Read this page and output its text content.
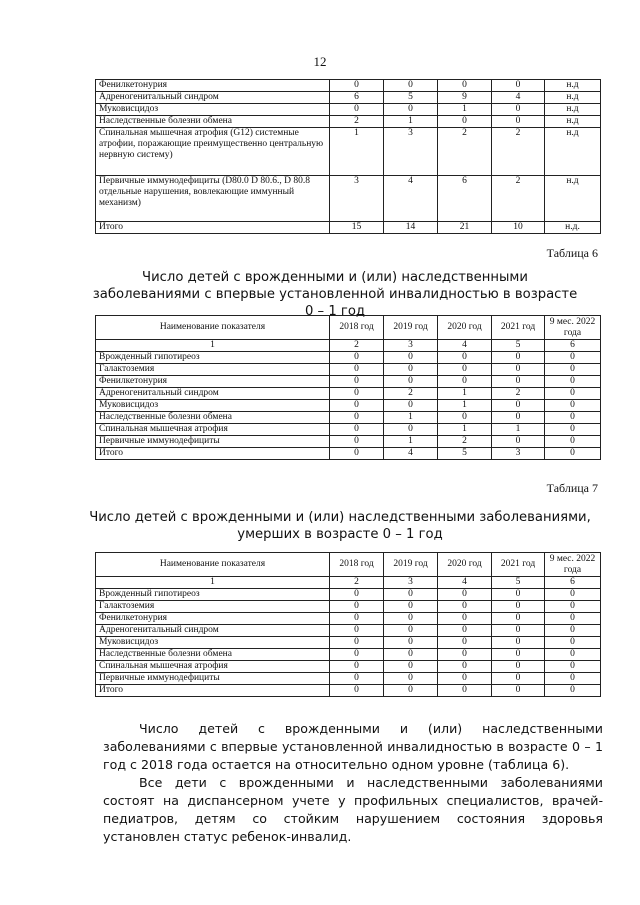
12
Фенилкетонурия	0	0	0	0	н.д
Адреногенитальный синдром	6	5	9	4	н.д
Муковисцидоз	0	0	1	0	н.д
Наследственные болезни обмена	2	1	0	0	н.д
Спинальная мышечная атрофия (G12) системные атрофии, поражающие преимущественно центральную нервную систему)	1	3	2	2	н.д
Первичные иммунодефициты (D80.0 D 80.6., D 80.8 отдельные нарушения, вовлекающие иммунный механизм)	3	4	6	2	н.д
Итого	15	14	21	10	н.д.
Таблица 6
Число детей с врожденными и (или) наследственными заболеваниями с впервые установленной инвалидностью в возрасте 0 – 1 год
Наименование показателя	2018 год	2019 год	2020 год	2021 год	9 мес. 2022 года
1	2	3	4	5	6
Врожденный гипотиреоз	0	0	0	0	0
Галактоземия	0	0	0	0	0
Фенилкетонурия	0	0	0	0	0
Адреногенитальный синдром	0	2	1	2	0
Муковисцидоз	0	0	1	0	0
Наследственные болезни обмена	0	1	0	0	0
Спинальная мышечная атрофия	0	0	1	1	0
Первичные иммунодефициты	0	1	2	0	0
Итого	0	4	5	3	0
Таблица 7
Число детей с врожденными и (или) наследственными заболеваниями, умерших в возрасте 0 – 1 год
Наименование показателя	2018 год	2019 год	2020 год	2021 год	9 мес. 2022 года
1	2	3	4	5	6
Врожденный гипотиреоз	0	0	0	0	0
Галактоземия	0	0	0	0	0
Фенилкетонурия	0	0	0	0	0
Адреногенитальный синдром	0	0	0	0	0
Муковисцидоз	0	0	0	0	0
Наследственные болезни обмена	0	0	0	0	0
Спинальная мышечная атрофия	0	0	0	0	0
Первичные иммунодефициты	0	0	0	0	0
Итого	0	0	0	0	0

Число детей с врожденными и (или) наследственными заболеваниями с впервые установленной инвалидностью в возрасте 0 – 1 год с 2018 года остается на относительно одном уровне (таблица 6).

Все дети с врожденными и наследственными заболеваниями состоят на диспансерном учете у профильных специалистов, врачей-педиатров, детям со стойким нарушением состояния здоровья установлен статус ребенок-инвалид.
